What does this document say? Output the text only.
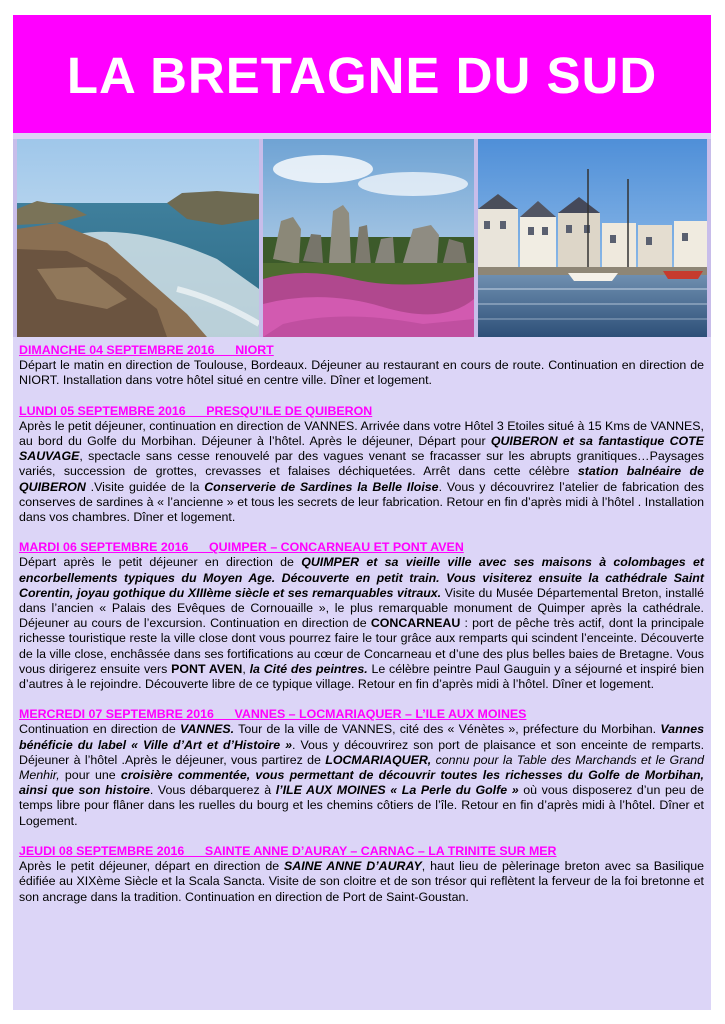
LA BRETAGNE DU SUD
DIMANCHE 04 SEPTEMBRE 2016      NIORT

Départ le matin en direction de Toulouse, Bordeaux. Déjeuner au restaurant en cours de route. Continuation en direction de NIORT. Installation dans votre hôtel situé en centre ville. Dîner et logement.

LUNDI 05 SEPTEMBRE 2016      PRESQU’ILE DE QUIBERON

Après le petit déjeuner, continuation en direction de VANNES. Arrivée dans votre Hôtel 3 Etoiles situé à 15 Kms de VANNES, au bord du Golfe du Morbihan. Déjeuner à l’hôtel. Après le déjeuner, Départ pour QUIBERON et sa fantastique COTE SAUVAGE, spectacle sans cesse renouvelé par des vagues venant se fracasser sur les abrupts granitiques…Paysages variés, succession de grottes, crevasses et falaises déchiquetées. Arrêt dans cette célèbre station balnéaire de QUIBERON .Visite guidée de la Conserverie de Sardines la Belle Iloise. Vous y découvrirez l’atelier de fabrication des conserves de sardines à « l’ancienne » et tous les secrets de leur fabrication. Retour en fin d’après midi à l’hôtel . Installation dans vos chambres. Dîner et logement.

MARDI 06 SEPTEMBRE 2016      QUIMPER – CONCARNEAU ET PONT AVEN

Départ après le petit déjeuner en direction de QUIMPER et sa vieille ville avec ses maisons à colombages et encorbellements typiques du Moyen Age. Découverte en petit train. Vous visiterez ensuite la cathédrale Saint Corentin, joyau gothique du XIIIème siècle et ses remarquables vitraux. Visite du Musée Départemental Breton, installé dans l’ancien « Palais des Evêques de Cornouaille », le plus remarquable monument de Quimper après la cathédrale. Déjeuner au cours de l’excursion. Continuation en direction de CONCARNEAU : port de pêche très actif, dont la principale richesse touristique reste la ville close dont vous pourrez faire le tour grâce aux remparts qui scindent l’enceinte. Découverte de la ville close, enchâssée dans ses fortifications au cœur de Concarneau et d’une des plus belles baies de Bretagne. Vous vous dirigerez ensuite vers PONT AVEN, la Cité des peintres. Le célèbre peintre Paul Gauguin y a séjourné et inspiré bien d’autres à le rejoindre. Découverte libre de ce typique village. Retour en fin d’après midi à l’hôtel. Dîner et logement.

MERCREDI 07 SEPTEMBRE 2016      VANNES – LOCMARIAQUER – L’ILE AUX MOINES

Continuation en direction de VANNES. Tour de la ville de VANNES, cité des « Vénètes », préfecture du Morbihan. Vannes bénéficie du label « Ville d’Art et d’Histoire ». Vous y découvrirez son port de plaisance et son enceinte de remparts. Déjeuner à l’hôtel .Après le déjeuner, vous partirez de LOCMARIAQUER, connu pour la Table des Marchands et le Grand Menhir, pour une croisière commentée, vous permettant de découvrir toutes les richesses du Golfe de Morbihan, ainsi que son histoire. Vous débarquerez à l’ILE AUX MOINES « La Perle du Golfe » où vous disposerez d’un peu de temps libre pour flâner dans les ruelles du bourg et les chemins côtiers de l’île. Retour en fin d’après midi à l’hôtel. Dîner et Logement.

JEUDI 08 SEPTEMBRE 2016      SAINTE ANNE D’AURAY – CARNAC – LA TRINITE SUR MER

Après le petit déjeuner, départ en direction de SAINE ANNE D’AURAY, haut lieu de pèlerinage breton avec sa Basilique édifiée au XIXème Siècle et la Scala Sancta. Visite de son cloitre et de son trésor qui reflètent la ferveur de la foi bretonne et son ancrage dans la tradition. Continuation en direction de Port de Saint-Goustan.
